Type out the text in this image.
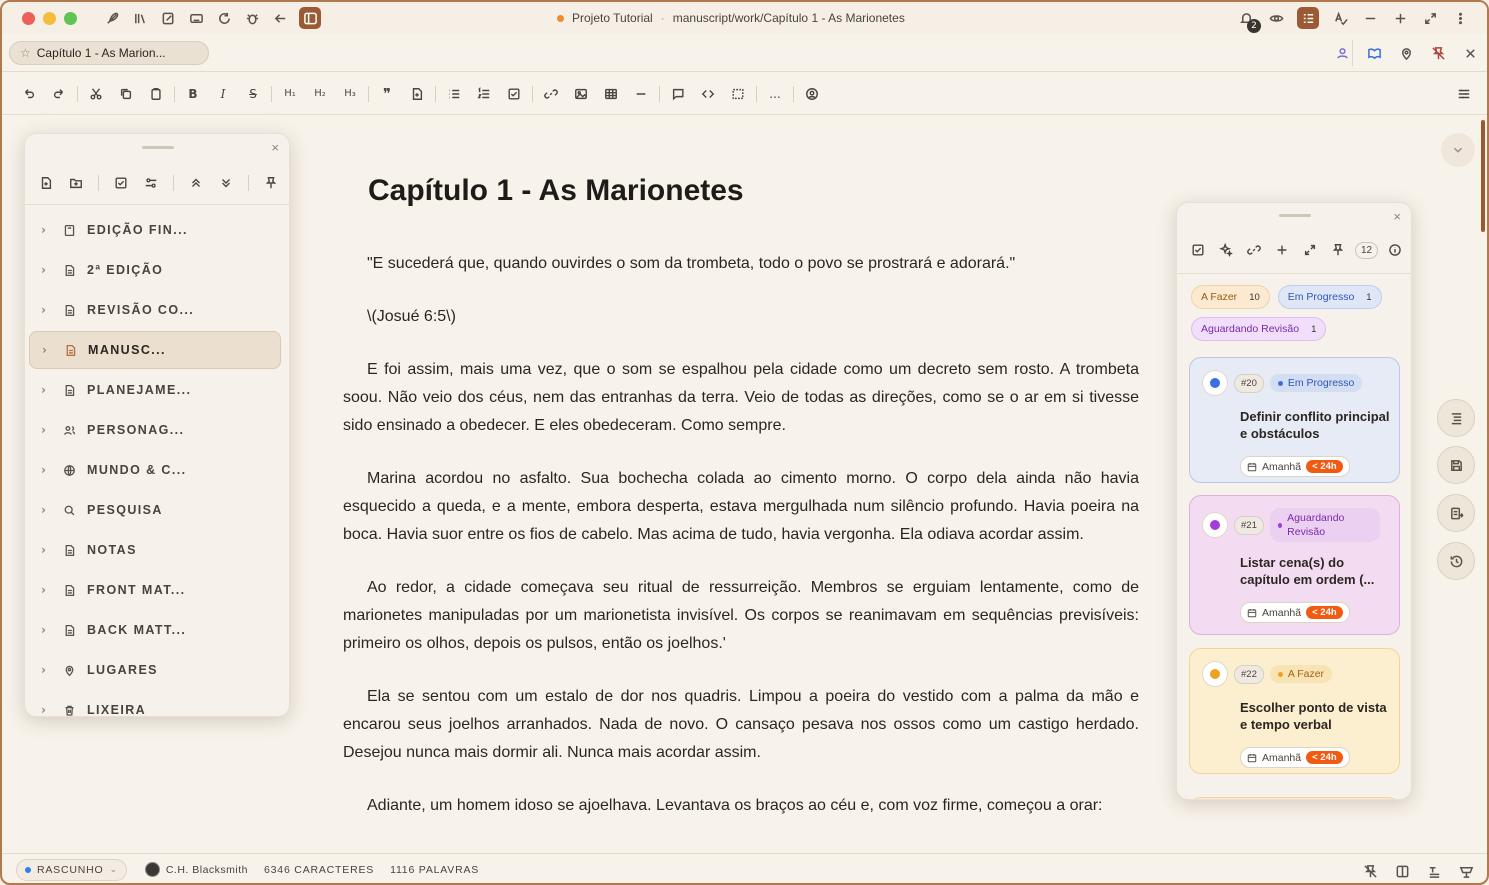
Projeto Tutorial · manuscript/work/Capítulo 1 - As Marionetes
2
☆ Capítulo 1 - As Marion...
B	I	S	H₁	H₂	H₃	❞	...
×
›	EDIÇÃO FIN...
›	2ª EDIÇÃO
›	REVISÃO CO...
›	MANUSC...
›	PLANEJAME...
›	PERSONAG...
›	MUNDO & C...
›	PESQUISA
›	NOTAS
›	FRONT MAT...
›	BACK MATT...
›	LUGARES
›	LIXEIRA
Capítulo 1 - As Marionetes

"E sucederá que, quando ouvirdes o som da trombeta, todo o povo se prostrará e adorará."

\(Josué 6:5\)

E foi assim, mais uma vez, que o som se espalhou pela cidade como um decreto sem rosto. A trombeta soou. Não veio dos céus, nem das entranhas da terra. Veio de todas as direções, como se o ar em si tivesse sido ensinado a obedecer. E eles obedeceram. Como sempre.

Marina acordou no asfalto. Sua bochecha colada ao cimento morno. O corpo dela ainda não havia esquecido a queda, e a mente, embora desperta, estava mergulhada num silêncio profundo. Havia poeira na boca. Havia suor entre os fios de cabelo. Mas acima de tudo, havia vergonha. Ela odiava acordar assim.

Ao redor, a cidade começava seu ritual de ressurreição. Membros se erguiam lentamente, como de marionetes manipuladas por um marionetista invisível. Os corpos se reanimavam em sequências previsíveis: primeiro os olhos, depois os pulsos, então os joelhos.'

Ela se sentou com um estalo de dor nos quadris. Limpou a poeira do vestido com a palma da mão e encarou seus joelhos arranhados. Nada de novo. O cansaço pesava nos ossos como um castigo herdado. Desejou nunca mais dormir ali. Nunca mais acordar assim.

Adiante, um homem idoso se ajoelhava. Levantava os braços ao céu e, com voz firme, começou a orar:

×
12
A Fazer 10	Em Progresso 1
Aguardando Revisão 1
#20	Em Progresso
Definir conflito principal e obstáculos
Amanhã	< 24h
#21
Aguardando Revisão
Listar cena(s) do capítulo em ordem (...
Amanhã	< 24h
#22	A Fazer
Escolher ponto de vista e tempo verbal
Amanhã	< 24h
RASCUNHO ⌄	C.H. Blacksmith 6346 CARACTERES 1116 PALAVRAS
